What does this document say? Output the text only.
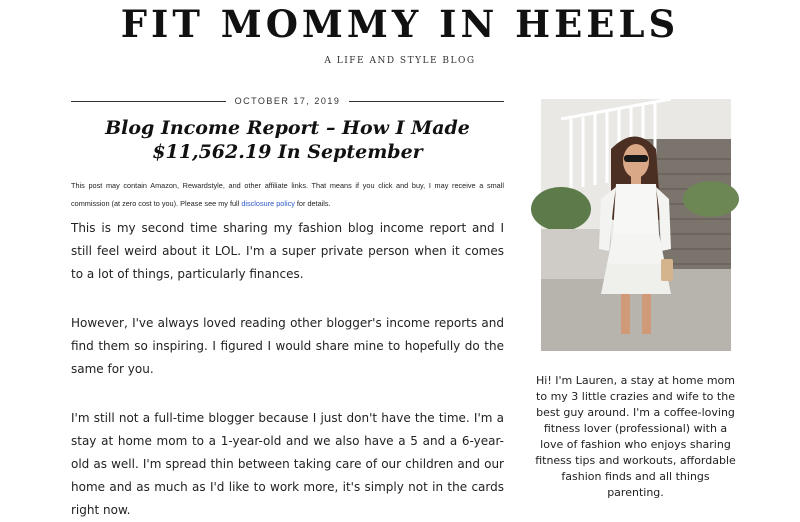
FIT MOMMY IN HEELS
A LIFE AND STYLE BLOG
OCTOBER 17, 2019
Blog Income Report – How I Made $11,562.19 In September

This post may contain Amazon, Rewardstyle, and other affiliate links. That means if you click and buy, I may receive a small commission (at zero cost to you). Please see my full disclosure policy for details.

This is my second time sharing my fashion blog income report and I still feel weird about it LOL. I'm a super private person when it comes to a lot of things, particularly finances.

However, I've always loved reading other blogger's income reports and find them so inspiring. I figured I would share mine to hopefully do the same for you.

I'm still not a full-time blogger because I just don't have the time. I'm a stay at home mom to a 1-year-old and we also have a 5 and a 6-year-old as well. I'm spread thin between taking care of our children and our home and as much as I'd like to work more, it's simply not in the cards right now.

Hi! I'm Lauren, a stay at home mom to my 3 little crazies and wife to the best guy around. I'm a coffee-loving fitness lover (professional) with a love of fashion who enjoys sharing fitness tips and workouts, affordable fashion finds and all things parenting.
